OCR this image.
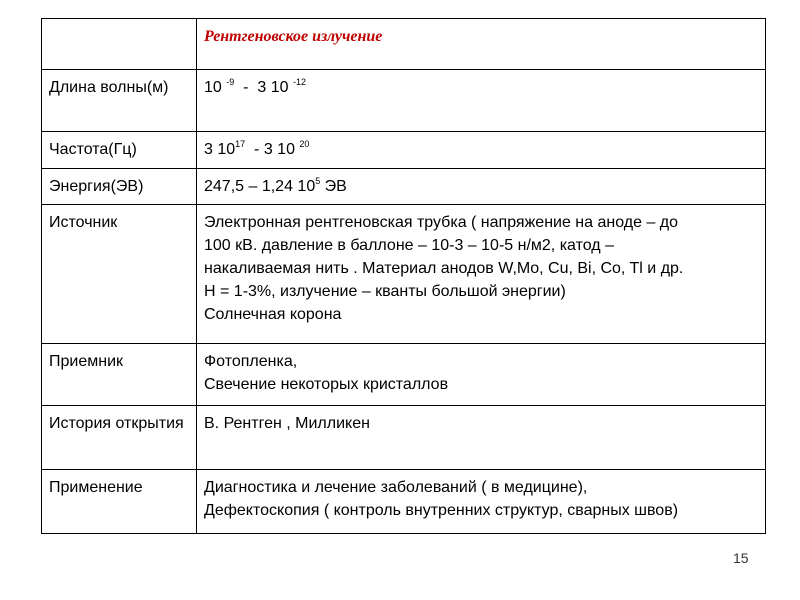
	Рентгеновское излучение
Длина волны(м)	10 $^{-9}$  -  3 10 $^{-12}$
Частота(Гц)	3 $10^{17} - 3$ 10 $^{20}$
Энергия(ЭВ)	247,5 – 1,24 $10^5$ ЭВ
Источник	Электронная рентгеновская трубка ( напряжение на аноде – до
100 кВ. давление в баллоне – 10-3 – 10-5 н/м2, катод –
накаливаемая нить . Материал анодов W,Mo, Cu, Bi, Co, Tl и др.
Н = 1-3%, излучение – кванты большой энергии)
Солнечная корона

Приемник	Фотопленка,
Свечение некоторых кристаллов

История открытия	В. Рентген , Милликен
Применение	Диагностика и лечение заболеваний ( в медицине),
Дефектоскопия ( контроль внутренних структур, сварных швов)
15
